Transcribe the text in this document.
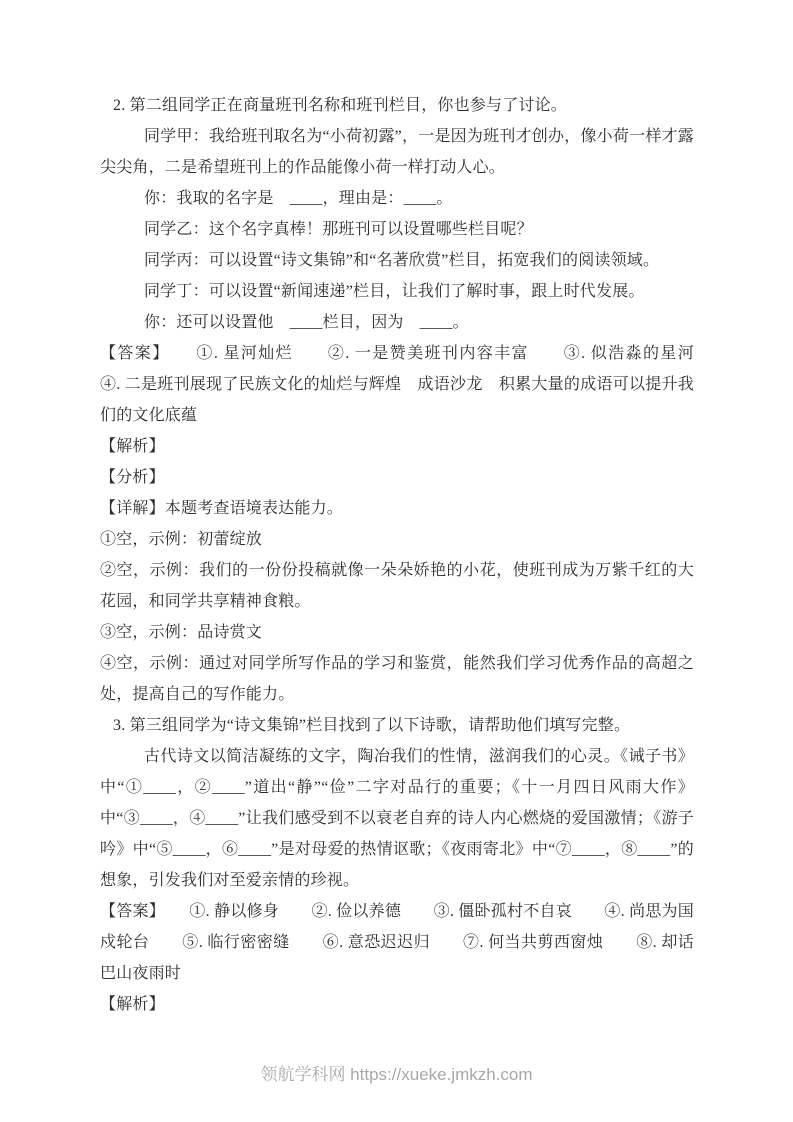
2. 第二组同学正在商量班刊名称和班刊栏目，你也参与了讨论。

同学甲：我给班刊取名为“小荷初露”，一是因为班刊才创办，像小荷一样才露尖尖角，二是希望班刊上的作品能像小荷一样打动人心。

你：我取的名字是　____，理由是：____。

同学乙：这个名字真棒！那班刊可以设置哪些栏目呢？

同学丙：可以设置“诗文集锦”和“名著欣赏”栏目，拓宽我们的阅读领域。

同学丁：可以设置“新闻速递”栏目，让我们了解时事，跟上时代发展。

你：还可以设置他　____栏目，因为　____。

【答案】　　①. 星河灿烂　　②. 一是赞美班刊内容丰富　　③. 似浩淼的星河　　④. 二是班刊展现了民族文化的灿烂与辉煌　成语沙龙　积累大量的成语可以提升我们的文化底蕴

【解析】

【分析】

【详解】本题考查语境表达能力。

①空，示例：初蕾绽放

②空，示例：我们的一份份投稿就像一朵朵娇艳的小花，使班刊成为万紫千红的大花园，和同学共享精神食粮。

③空，示例：品诗赏文

④空，示例：通过对同学所写作品的学习和鉴赏，能然我们学习优秀作品的高超之处，提高自己的写作能力。

3. 第三组同学为“诗文集锦”栏目找到了以下诗歌，请帮助他们填写完整。

古代诗文以简洁凝练的文字，陶冶我们的性情，滋润我们的心灵。《诫子书》中“①____，②____”道出“静”“俭”二字对品行的重要；《十一月四日风雨大作》中“③____，④____”让我们感受到不以衰老自弃的诗人内心燃烧的爱国激情；《游子吟》中“⑤____，⑥____”是对母爱的热情讴歌；《夜雨寄北》中“⑦____，⑧____”的想象，引发我们对至爱亲情的珍视。

【答案】　　①. 静以修身　　②. 俭以养德　　③. 僵卧孤村不自哀　　④. 尚思为国戍轮台　　⑤. 临行密密缝　　⑥. 意恐迟迟归　　⑦. 何当共剪西窗烛　　⑧. 却话巴山夜雨时

【解析】

领航学科网 https://xueke.jmkzh.com
